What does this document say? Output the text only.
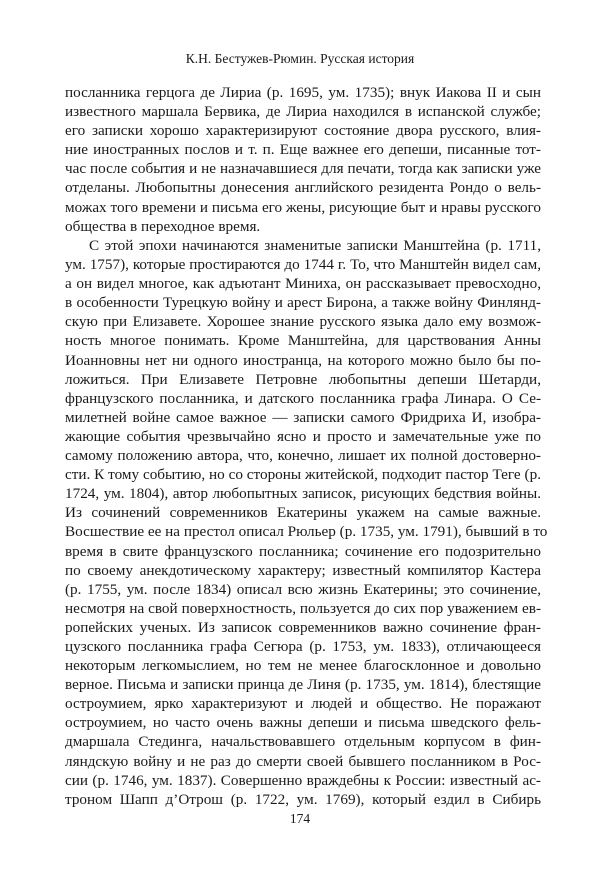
К.Н. Бестужев-Рюмин. Русская история
посланника герцога де Лириа (р. 1695, ум. 1735); внук Иакова II и сын
известного маршала Бервика, де Лириа находился в испанской службе;
его записки хорошо характеризируют состояние двора русского, влия-
ние иностранных послов и т. п. Еще важнее его депеши, писанные тот-
час после события и не назначавшиеся для печати, тогда как записки уже
отделаны. Любопытны донесения английского резидента Рондо о вель-
можах того времени и письма его жены, рисующие быт и нравы русского
общества в переходное время.
С этой эпохи начинаются знаменитые записки Манштейна (р. 1711,
ум. 1757), которые простираются до 1744 г. То, что Манштейн видел сам,
а он видел многое, как адъютант Миниха, он рассказывает превосходно,
в особенности Турецкую войну и арест Бирона, а также войну Финлянд-
скую при Елизавете. Хорошее знание русского языка дало ему возмож-
ность многое понимать. Кроме Манштейна, для царствования Анны
Иоанновны нет ни одного иностранца, на которого можно было бы по-
ложиться. При Елизавете Петровне любопытны депеши Шетарди,
французского посланника, и датского посланника графа Линара. О Се-
милетней войне самое важное — записки самого Фридриха И, изобра-
жающие события чрезвычайно ясно и просто и замечательные уже по
самому положению автора, что, конечно, лишает их полной достоверно-
сти. К тому событию, но со стороны житейской, подходит пастор Теге (р.
1724, ум. 1804), автор любопытных записок, рисующих бедствия войны.
Из сочинений современников Екатерины укажем на самые важные.
Восшествие ее на престол описал Рюльер (р. 1735, ум. 1791), бывший в то
время в свите французского посланника; сочинение его подозрительно
по своему анекдотическому характеру; известный компилятор Кастера
(р. 1755, ум. после 1834) описал всю жизнь Екатерины; это сочинение,
несмотря на свой поверхностность, пользуется до сих пор уважением ев-
ропейских ученых. Из записок современников важно сочинение фран-
цузского посланника графа Сегюра (р. 1753, ум. 1833), отличающееся
некоторым легкомыслием, но тем не менее благосклонное и довольно
верное. Письма и записки принца де Линя (р. 1735, ум. 1814), блестящие
остроумием, ярко характеризуют и людей и общество. Не поражают
остроумием, но часто очень важны депеши и письма шведского фель-
дмаршала Стединга, начальствовавшего отдельным корпусом в фин-
ляндскую войну и не раз до смерти своей бывшего посланником в Рос-
сии (р. 1746, ум. 1837). Совершенно враждебны к России: известный ас-
троном Шапп д’Отрош (р. 1722, ум. 1769), который ездил в Сибирь
174
